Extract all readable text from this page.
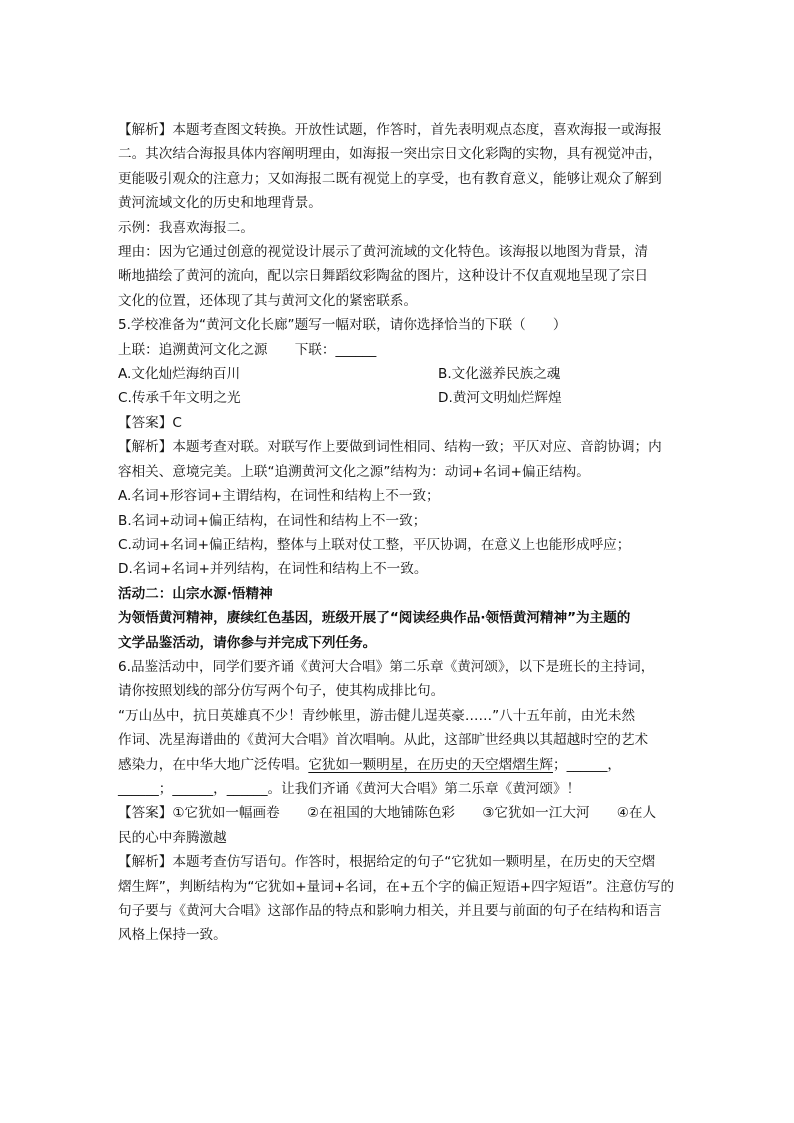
【解析】本题考查图文转换。开放性试题，作答时，首先表明观点态度，喜欢海报一或海报

二。其次结合海报具体内容阐明理由，如海报一突出宗日文化彩陶的实物，具有视觉冲击，

更能吸引观众的注意力；又如海报二既有视觉上的享受，也有教育意义，能够让观众了解到

黄河流域文化的历史和地理背景。

示例：我喜欢海报二。

理由：因为它通过创意的视觉设计展示了黄河流域的文化特色。该海报以地图为背景，清

晰地描绘了黄河的流向，配以宗日舞蹈纹彩陶盆的图片，这种设计不仅直观地呈现了宗日

文化的位置，还体现了其与黄河文化的紧密联系。

5.学校准备为“黄河文化长廊”题写一幅对联，请你选择恰当的下联（　　）

上联：追溯黄河文化之源　　下联：______

A.文化灿烂海纳百川	B.文化滋养民族之魂
C.传承千年文明之光	D.黄河文明灿烂辉煌

【答案】C

【解析】本题考查对联。对联写作上要做到词性相同、结构一致；平仄对应、音韵协调；内

容相关、意境完美。上联“追溯黄河文化之源”结构为：动词+名词+偏正结构。

A.名词+形容词+主谓结构，在词性和结构上不一致；

B.名词+动词+偏正结构，在词性和结构上不一致；

C.动词+名词+偏正结构，整体与上联对仗工整，平仄协调，在意义上也能形成呼应；

D.名词+名词+并列结构，在词性和结构上不一致。

活动二：山宗水源·悟精神

为领悟黄河精神，赓续红色基因，班级开展了“阅读经典作品·领悟黄河精神”为主题的

文学品鉴活动，请你参与并完成下列任务。

6.品鉴活动中，同学们要齐诵《黄河大合唱》第二乐章《黄河颂》，以下是班长的主持词，

请你按照划线的部分仿写两个句子，使其构成排比句。

“万山丛中，抗日英雄真不少！青纱帐里，游击健儿逞英豪……”八十五年前，由光未然

作词、冼星海谱曲的《黄河大合唱》首次唱响。从此，这部旷世经典以其超越时空的艺术

感染力，在中华大地广泛传唱。它犹如一颗明星，在历史的天空熠熠生辉；______，

______；______，______。让我们齐诵《黄河大合唱》第二乐章《黄河颂》！

【答案】①它犹如一幅画卷　　②在祖国的大地铺陈色彩　　③它犹如一江大河　　④在人

民的心中奔腾激越

【解析】本题考查仿写语句。作答时，根据给定的句子“它犹如一颗明星，在历史的天空熠

熠生辉”，判断结构为“它犹如+量词+名词，在+五个字的偏正短语+四字短语”。注意仿写的

句子要与《黄河大合唱》这部作品的特点和影响力相关，并且要与前面的句子在结构和语言

风格上保持一致。
